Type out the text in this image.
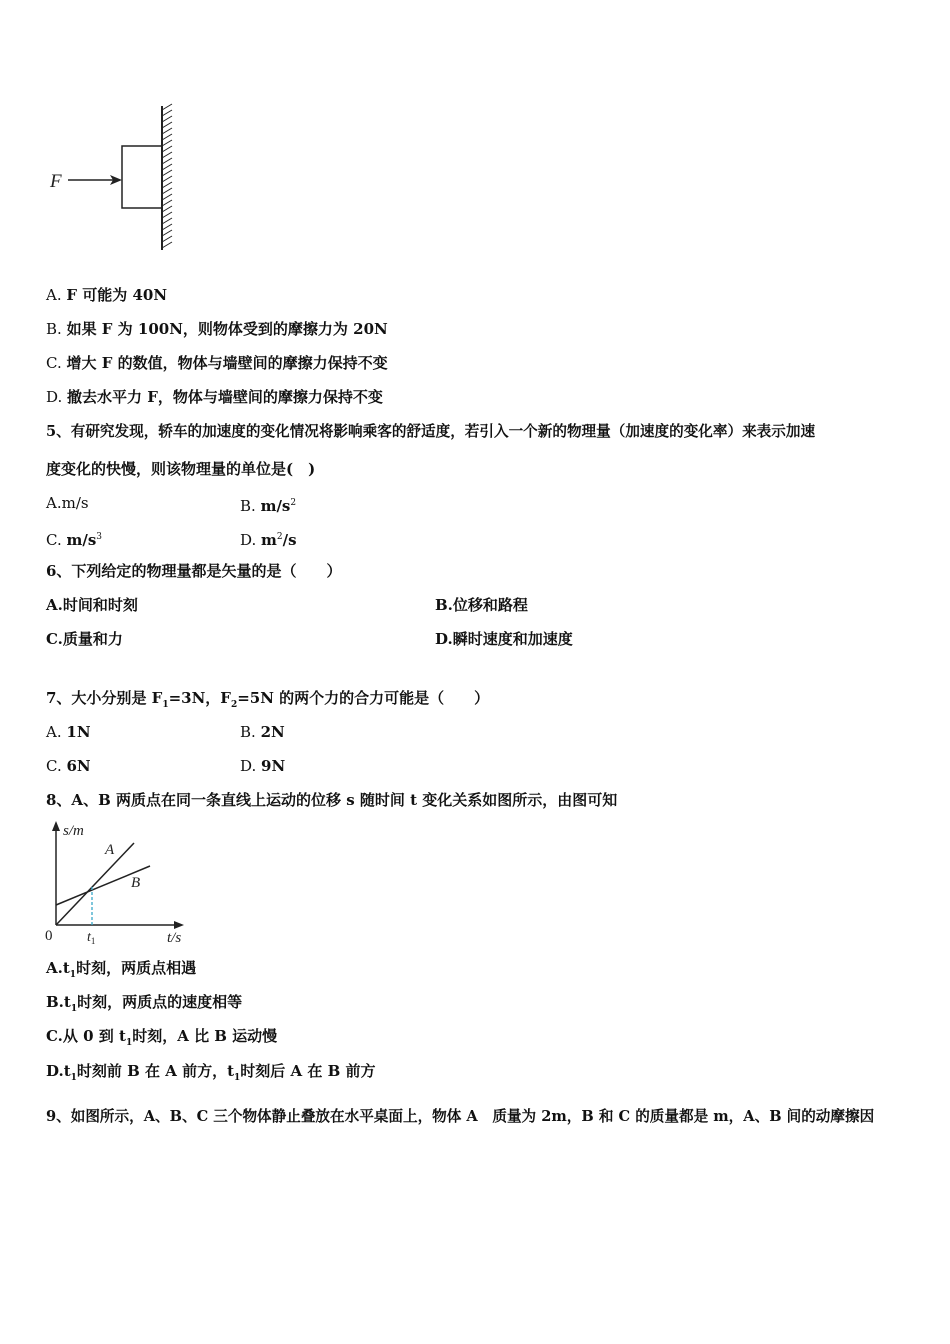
F
A. F 可能为 40N
B. 如果 F 为 100N，则物体受到的摩擦力为 20N
C. 增大 F 的数值，物体与墙壁间的摩擦力保持不变
D. 撤去水平力 F，物体与墙壁间的摩擦力保持不变
5、有研究发现，轿车的加速度的变化情况将影响乘客的舒适度，若引入一个新的物理量（加速度的变化率）来表示加速
度变化的快慢，则该物理量的单位是(　)
A.m/s	B. $m/s^2$
C. $m/s^3$	D. $m^2/s$
6、下列给定的物理量都是矢量的是（　　）
A.时间和时刻	B.位移和路程
C.质量和力	D.瞬时速度和加速度
7、大小分别是 $F_1=3N$，$F_2=5N$ 的两个力的合力可能是（　　）
A. 1N	B. 2N
C. 6N	D. 9N
8、A、B 两质点在同一条直线上运动的位移 s 随时间 t 变化关系如图所示，由图可知
s/m
A
B
0 $t_1$	t/s
$A.t_1$时刻，两质点相遇
$B.t_1$时刻，两质点的速度相等
C.从 0 到 $t_1$时刻，A 比 B 运动慢
$D.t_1$时刻前 B 在 A 前方，$t_1$时刻后 A 在 B 前方
9、如图所示，A、B、C 三个物体静止叠放在水平桌面上，物体 A　质量为 2m，B 和 C 的质量都是 m，A、B 间的动摩擦因
